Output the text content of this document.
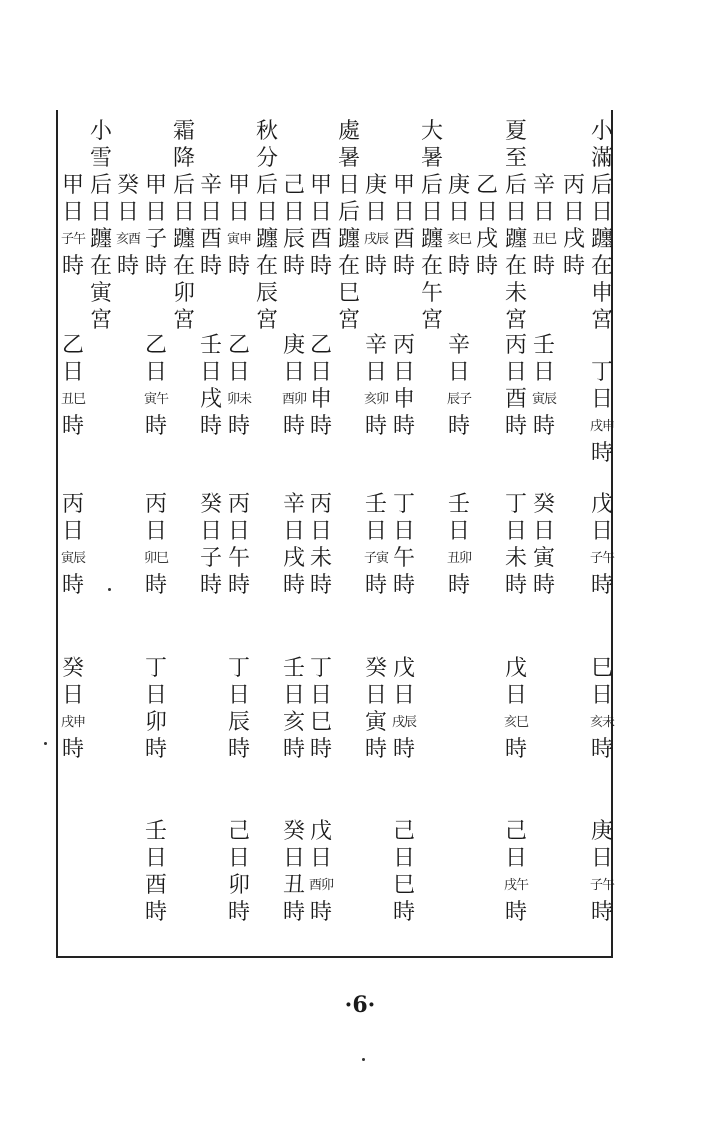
小
滿
后
日
躔
在
申
宮
丁
日
戌申
時
戊
日
子午
時
巳
日
亥未
時
庚
日
子午
時
丙
日
戌
時
辛
日
丑巳
時
壬
日
寅辰
時
癸
日
寅
時
夏
至
后
日
躔
在
未
宮
丙
日
酉
時
丁
日
未
時
戊
日
亥巳
時
己
日
戌午
時
乙
日
戌
時
庚
日
亥巳
時
辛
日
辰子
時
壬
日
丑卯
時
大
暑
后
日
躔
在
午
宮
甲
日
酉
時
丙
日
申
時
丁
日
午
時
戊
日
戌辰
時
己
日
巳
時
庚
日
戌辰
時
辛
日
亥卯
時
壬
日
子寅
時
癸
日
寅
時
處
暑
日
后
躔
在
巳
宮
甲
日
酉
時
乙
日
申
時
丙
日
未
時
丁
日
巳
時
戊
日
酉卯
時
己
日
辰
時
庚
日
酉卯
時
辛
日
戌
時
壬
日
亥
時
癸
日
丑
時
秋
分
后
日
躔
在
辰
宮
甲
日
寅申
時
乙
日
卯未
時
丙
日
午
時
丁
日
辰
時
己
日
卯
時
辛
日
酉
時
壬
日
戌
時
癸
日
子
時
霜
降
后
日
躔
在
卯
宮
甲
日
子
時
乙
日
寅午
時
丙
日
卯巳
時
丁
日
卯
時
壬
日
酉
時
癸
日
亥酉
時
小
雪
后
日
躔
在
寅
宮
甲
日
子午
時
乙
日
丑巳
時
丙
日
寅辰
時
癸
日
戌申
時
·6·
